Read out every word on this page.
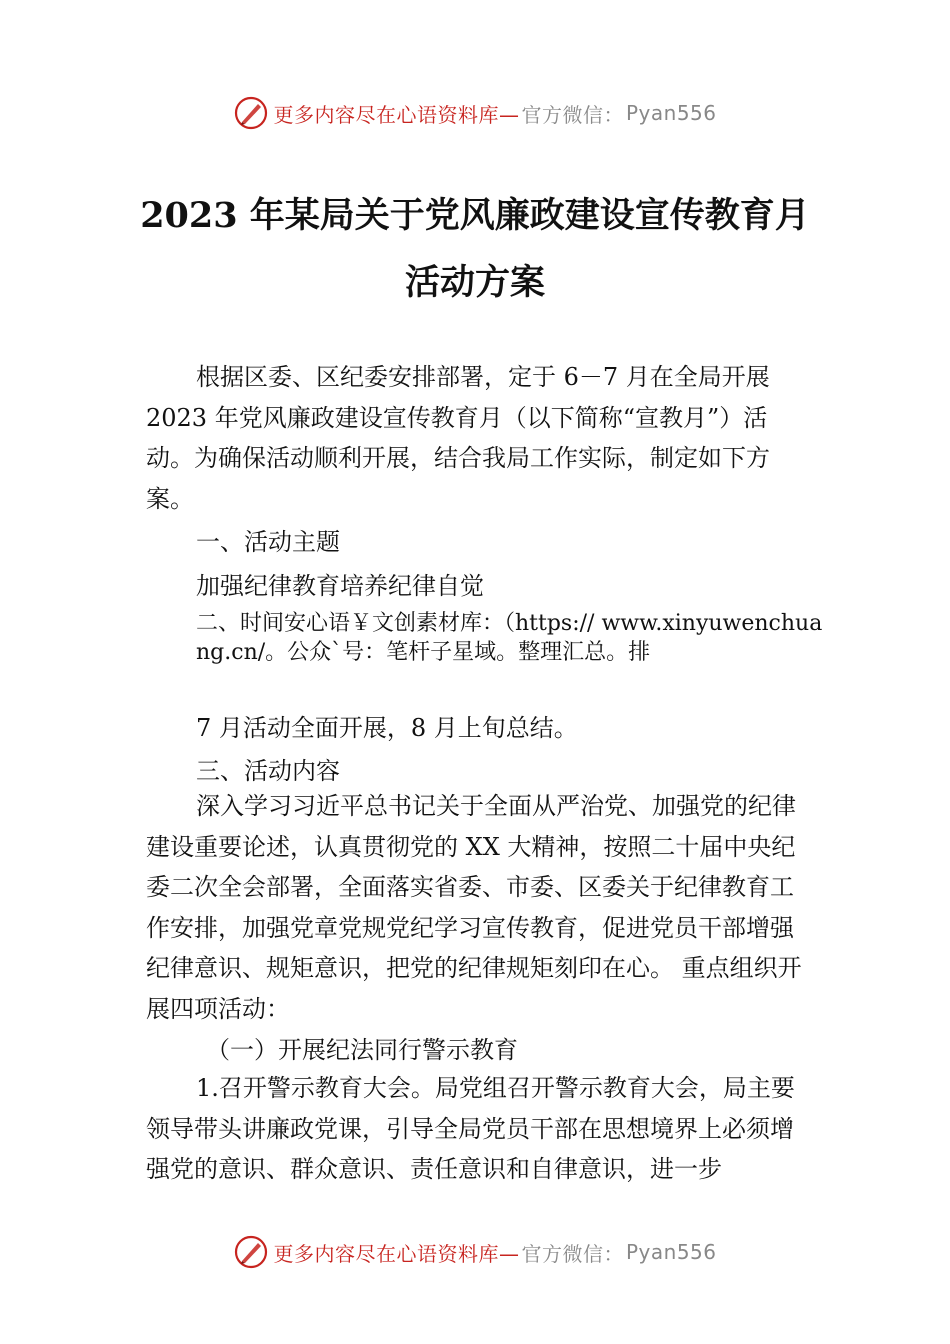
更多内容尽在心语资料库— 官方微信： Pyan556
2023 年某局关于党风廉政建设宣传教育月
活动方案

根据区委、区纪委安排部署，定于 6－7 月在全局开展 2023 年党风廉政建设宣传教育月（以下简称“宣教月”）活动。为确保活动顺利开展，结合我局工作实际，制定如下方案。

一、活动主题

加强纪律教育培养纪律自觉

二、时间安心语￥文创素材库：（https:// www.xinyuwenchuang.cn/。公众`号：笔杆子星域。整理汇总。排

7 月活动全面开展，8 月上旬总结。

三、活动内容

深入学习习近平总书记关于全面从严治党、加强党的纪律建设重要论述，认真贯彻党的 XX 大精神，按照二十届中央纪委二次全会部署，全面落实省委、市委、区委关于纪律教育工作安排，加强党章党规党纪学习宣传教育，促进党员干部增强纪律意识、规矩意识，把党的纪律规矩刻印在心。 重点组织开展四项活动：

（一）开展纪法同行警示教育

1.召开警示教育大会。局党组召开警示教育大会，局主要领导带头讲廉政党课，引导全局党员干部在思想境界上必须增强党的意识、群众意识、责任意识和自律意识，进一步

更多内容尽在心语资料库— 官方微信： Pyan556
